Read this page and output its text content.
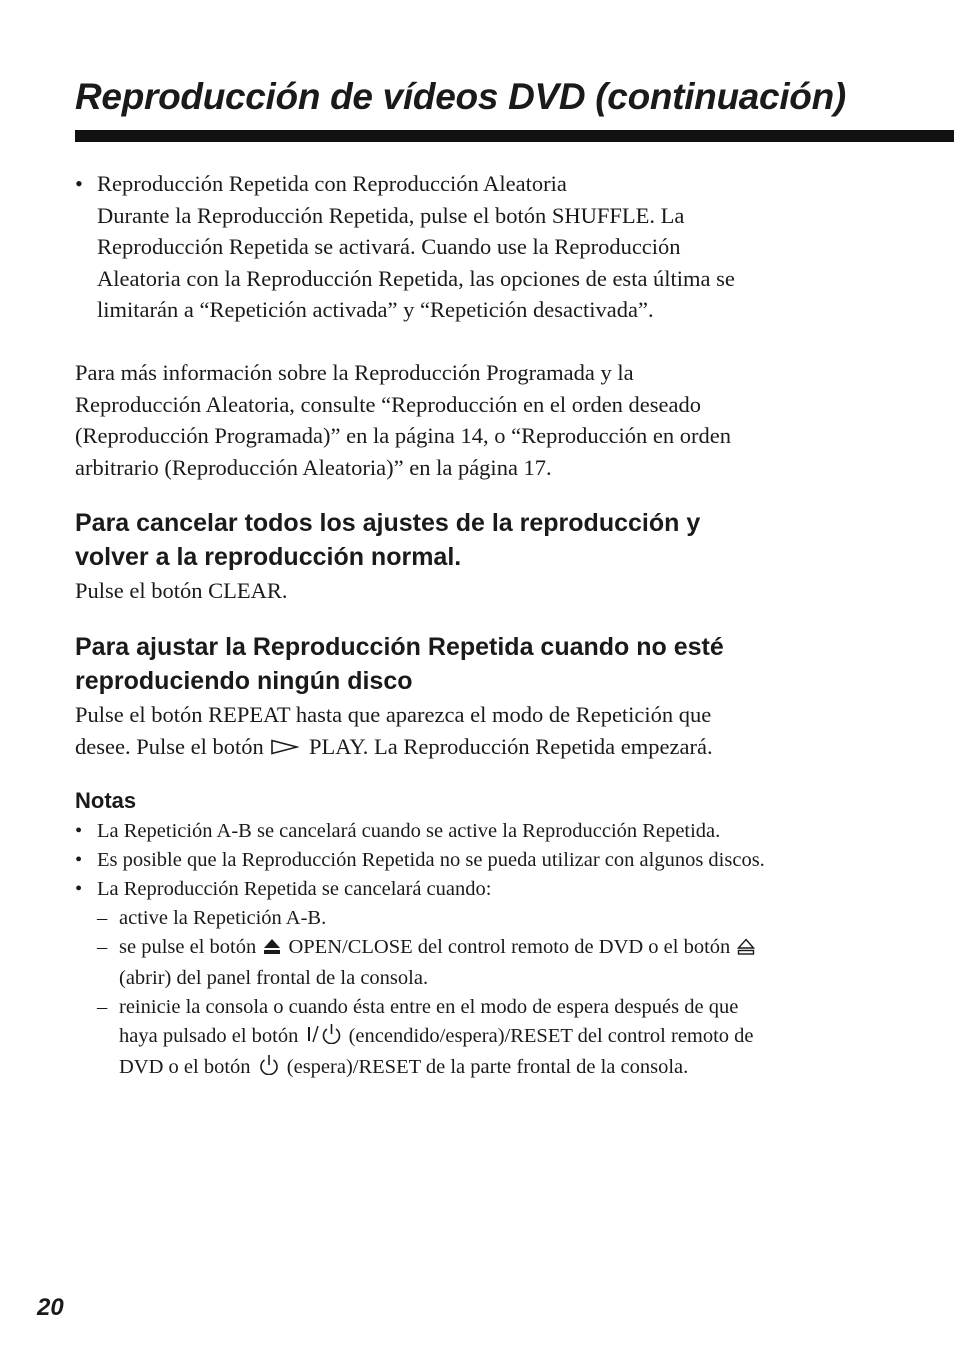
Reproducción de vídeos DVD (continuación)
• Reproducción Repetida con Reproducción Aleatoria
Durante la Reproducción Repetida, pulse el botón SHUFFLE. La
Reproducción Repetida se activará. Cuando use la Reproducción
Aleatoria con la Reproducción Repetida, las opciones de esta última se
limitarán a “Repetición activada” y “Repetición desactivada”.
Para más información sobre la Reproducción Programada y la
Reproducción Aleatoria, consulte “Reproducción en el orden deseado
(Reproducción Programada)” en la página 14, o “Reproducción en orden
arbitrario (Reproducción Aleatoria)” en la página 17.
Para cancelar todos los ajustes de la reproducción y
volver a la reproducción normal.
Pulse el botón CLEAR.
Para ajustar la Reproducción Repetida cuando no esté
reproduciendo ningún disco
Pulse el botón REPEAT hasta que aparezca el modo de Repetición que
desee. Pulse el botón PLAY. La Reproducción Repetida empezará.
Notas
• La Repetición A-B se cancelará cuando se active la Reproducción Repetida.
• Es posible que la Reproducción Repetida no se pueda utilizar con algunos discos.
• La Reproducción Repetida se cancelará cuando:
– active la Repetición A-B.
– se pulse el botón OPEN/CLOSE del control remoto de DVD o el botón
(abrir) del panel frontal de la consola.
– reinicie la consola o cuando ésta entre en el modo de espera después de que
haya pulsado el botón (encendido/espera)/RESET del control remoto de
DVD o el botón (espera)/RESET de la parte frontal de la consola.
20
